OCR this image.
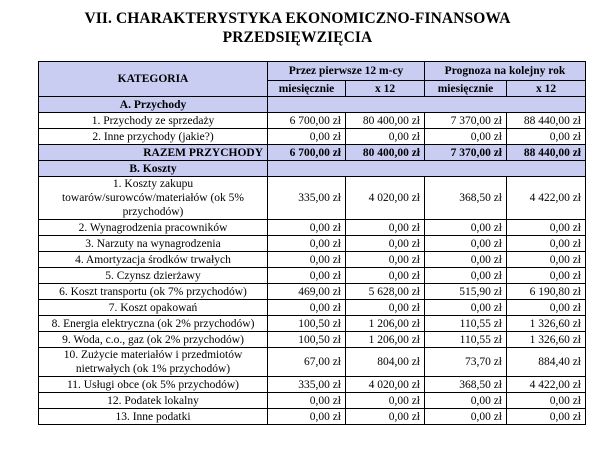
VII. CHARAKTERYSTYKA EKONOMICZNO-FINANSOWA
PRZEDSIĘWZIĘCIA
KATEGORIA	Przez pierwsze 12 m-cy		Prognoza na kolejny rok	
	miesięcznie	x 12	miesięcznie	x 12
A. Przychody				
1. Przychody ze sprzedaży	6 700,00 zł	80 400,00 zł	7 370,00 zł	88 440,00 zł
2. Inne przychody (jakie?)	0,00 zł	0,00 zł	0,00 zł	0,00 zł
RAZEM PRZYCHODY	6 700,00 zł	80 400,00 zł	7 370,00 zł	88 440,00 zł
B. Koszty				
1. Koszty zakupu towarów/surowców/materiałów (ok 5% przychodów)	335,00 zł	4 020,00 zł	368,50 zł	4 422,00 zł
2. Wynagrodzenia pracowników	0,00 zł	0,00 zł	0,00 zł	0,00 zł
3. Narzuty na wynagrodzenia	0,00 zł	0,00 zł	0,00 zł	0,00 zł
4. Amortyzacja środków trwałych	0,00 zł	0,00 zł	0,00 zł	0,00 zł
5. Czynsz dzierżawy	0,00 zł	0,00 zł	0,00 zł	0,00 zł
6. Koszt transportu (ok 7% przychodów)	469,00 zł	5 628,00 zł	515,90 zł	6 190,80 zł
7. Koszt opakowań	0,00 zł	0,00 zł	0,00 zł	0,00 zł
8. Energia elektryczna (ok 2% przychodów)	100,50 zł	1 206,00 zł	110,55 zł	1 326,60 zł
9. Woda, c.o., gaz (ok 2% przychodów)	100,50 zł	1 206,00 zł	110,55 zł	1 326,60 zł
10. Zużycie materiałów i przedmiotów nietrwałych (ok 1% przychodów)	67,00 zł	804,00 zł	73,70 zł	884,40 zł
11. Usługi obce (ok 5% przychodów)	335,00 zł	4 020,00 zł	368,50 zł	4 422,00 zł
12. Podatek lokalny	0,00 zł	0,00 zł	0,00 zł	0,00 zł
13. Inne podatki	0,00 zł	0,00 zł	0,00 zł	0,00 zł
